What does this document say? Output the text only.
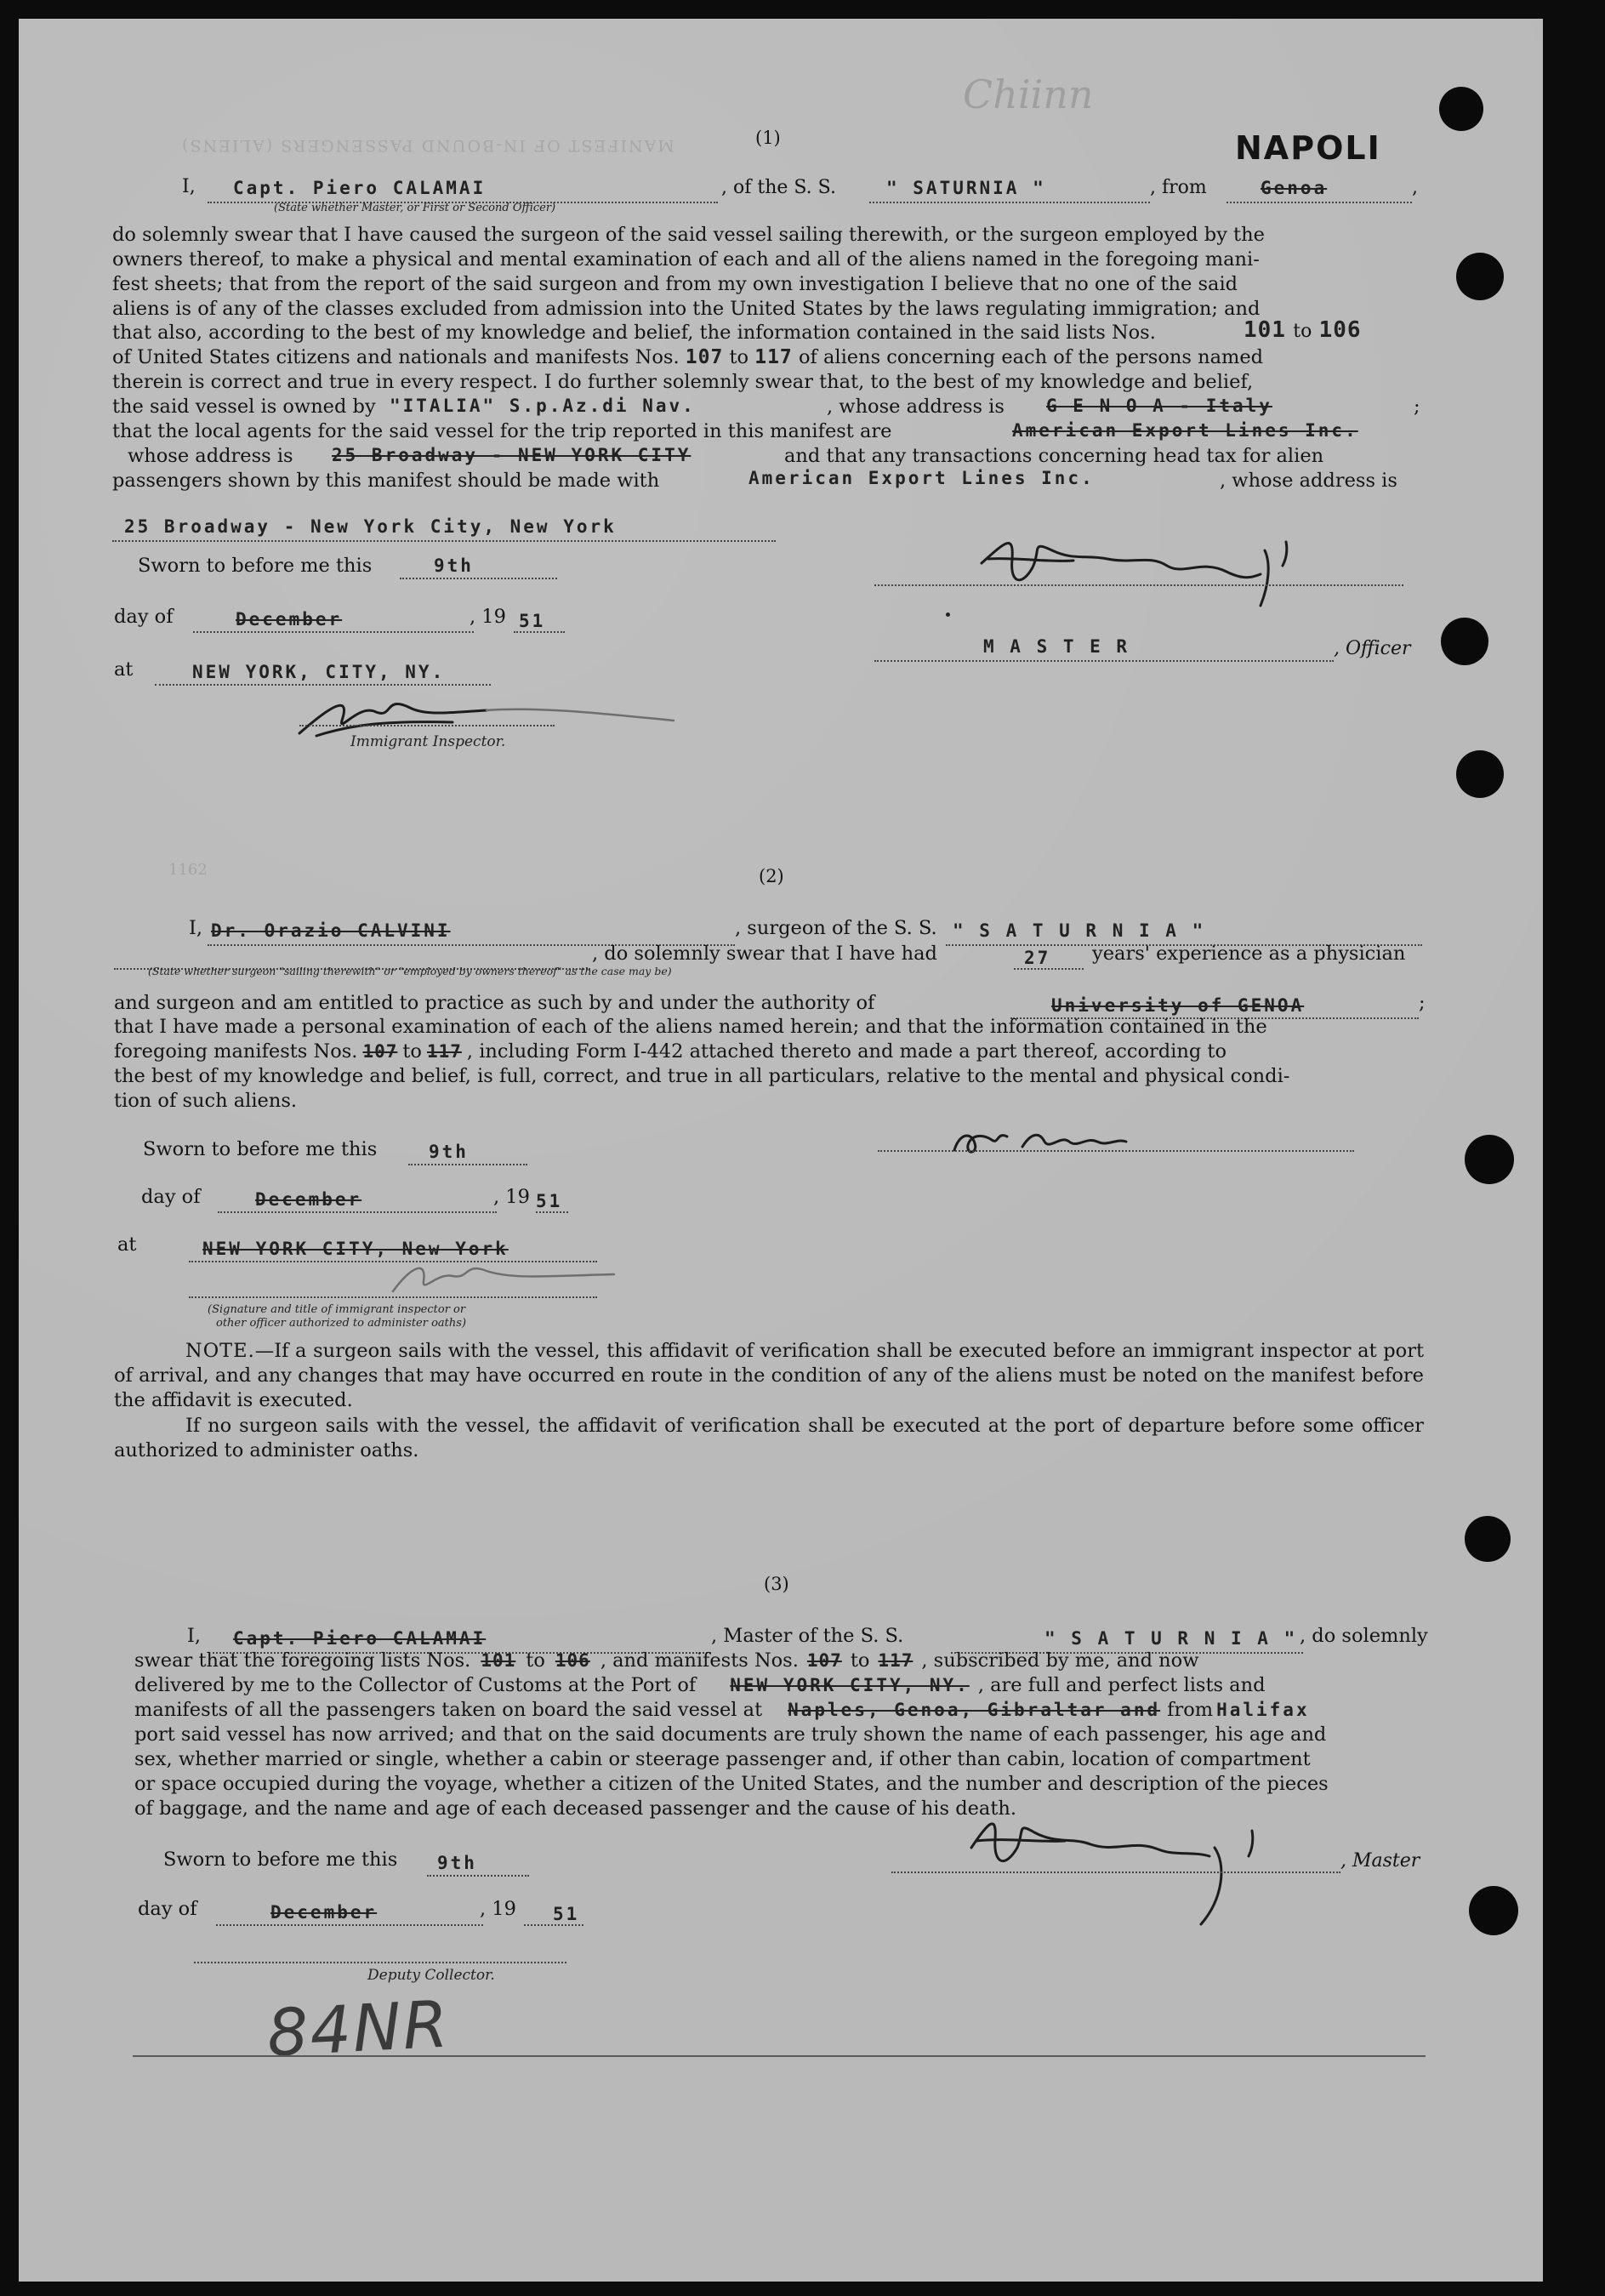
MANIFEST OF IN-BOUND PASSENGERS (ALIENS)
Chiinn
NAPOLI
(1)
I, Capt. Piero CALAMAI
(State whether Master, or First or Second Officer)
, of the S. S.	" SATURNIA "	, from	Genoa	,

do solemnly swear that I have caused the surgeon of the said vessel sailing therewith, or the surgeon employed by the

owners thereof, to make a physical and mental examination of each and all of the aliens named in the foregoing mani-

fest sheets; that from the report of the said surgeon and from my own investigation I believe that no one of the said

aliens is of any of the classes excluded from admission into the United States by the laws regulating immigration; and

that also, according to the best of my knowledge and belief, the information contained in the said lists Nos.	101 to 106
of United States citizens and nationals and manifests Nos. 107 to 117 of aliens concerning each of the persons named
therein is correct and true in every respect. I do further solemnly swear that, to the best of my knowledge and belief,
the said vessel is owned by "ITALIA" S.p.Az.di Nav.	, whose address is G E N O A - Italy	;
that the local agents for the said vessel for the trip reported in this manifest are	American Export Lines Inc.
whose address is 25 Broadway - NEW YORK CITY	and that any transactions concerning head tax for alien
passengers shown by this manifest should be made with	American Export Lines Inc.	, whose address is
25 Broadway - New York City, New York
Sworn to before me this	9th
day of	December	, 19 51
at	NEW YORK, CITY, NY.
Immigrant Inspector.
M A S T E R	, Officer
1162	(2)
I, Dr. Orazio CALVINI	, surgeon of the S. S. " S A T U R N I A "
, do solemnly swear that I have had	27 years' experience as a physician
(State whether surgeon "sailing therewith" or "employed by owners thereof" as the case may be)
and surgeon and am entitled to practice as such by and under the authority of	University of GENOA	;
that I have made a personal examination of each of the aliens named herein; and that the information contained in the
foregoing manifests Nos. 107 to 117 , including Form I-442 attached thereto and made a part thereof, according to
the best of my knowledge and belief, is full, correct, and true in all particulars, relative to the mental and physical condi-
tion of such aliens.
Sworn to before me this	9th
day of	December	, 19 51
at	NEW YORK CITY, New York
(Signature and title of immigrant inspector or
other officer authorized to administer oaths)
NOTE.—If a surgeon sails with the vessel, this affidavit of verification shall be executed before an immigrant inspector at port of arrival, and any changes that may have occurred en route in the condition of any of the aliens must be noted on the manifest before the affidavit is executed.
If no surgeon sails with the vessel, the affidavit of verification shall be executed at the port of departure before some officer authorized to administer oaths.
(3)
I, Capt. Piero CALAMAI	, Master of the S. S.	" S A T U R N I A " , do solemnly
swear that the foregoing lists Nos. 101 to 106 , and manifests Nos. 107 to 117 , subscribed by me, and now
delivered by me to the Collector of Customs at the Port of NEW YORK CITY, NY. , are full and perfect lists and
manifests of all the passengers taken on board the said vessel at Naples, Genoa, Gibraltar and from Halifax
port said vessel has now arrived; and that on the said documents are truly shown the name of each passenger, his age and
sex, whether married or single, whether a cabin or steerage passenger and, if other than cabin, location of compartment
or space occupied during the voyage, whether a citizen of the United States, and the number and description of the pieces
of baggage, and the name and age of each deceased passenger and the cause of his death.
Sworn to before me this 9th	, Master
day of	December	, 19 51
Deputy Collector.
84NR
